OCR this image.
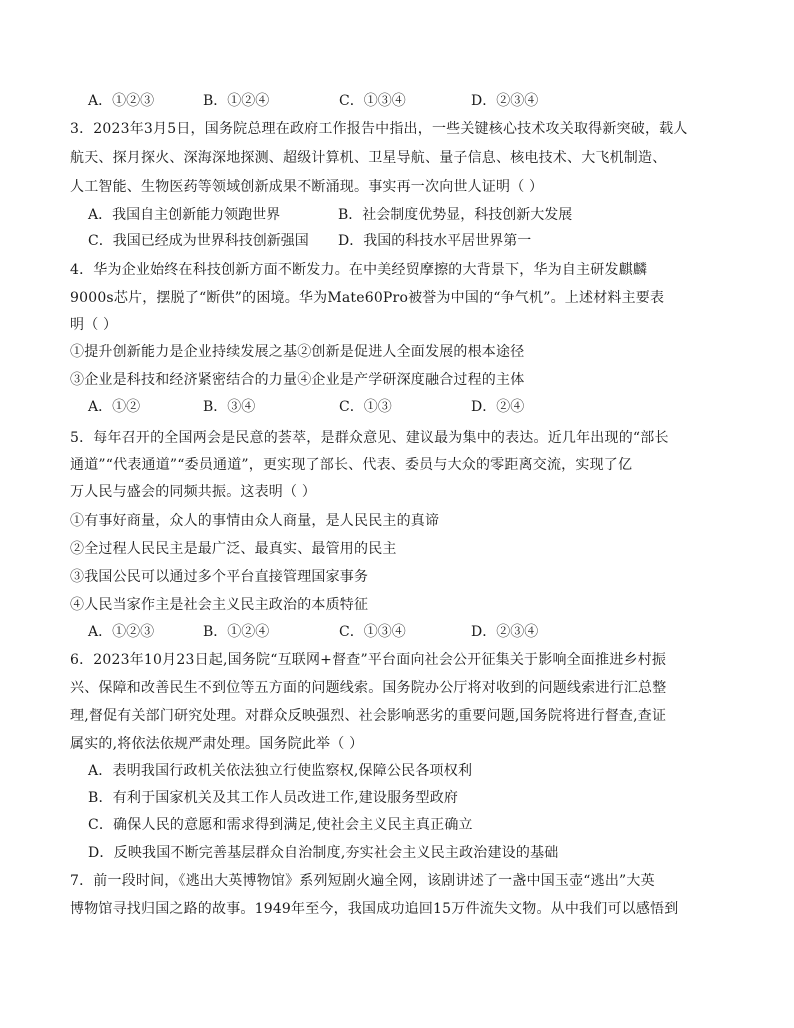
A．①②③	B．①②④	C．①③④	D．②③④
3．2023年3月5日，国务院总理在政府工作报告中指出，一些关键核心技术攻关取得新突破，载人
航天、探月探火、深海深地探测、超级计算机、卫星导航、量子信息、核电技术、大飞机制造、
人工智能、生物医药等领域创新成果不断涌现。事实再一次向世人证明（ ）
A．我国自主创新能力领跑世界	B．社会制度优势显，科技创新大发展
C．我国已经成为世界科技创新强国 D．我国的科技水平居世界第一
4．华为企业始终在科技创新方面不断发力。在中美经贸摩擦的大背景下，华为自主研发麒麟
9000s芯片，摆脱了“断供”的困境。华为Mate60Pro被誉为中国的“争气机”。上述材料主要表
明（ ）
①提升创新能力是企业持续发展之基②创新是促进人全面发展的根本途径
③企业是科技和经济紧密结合的力量④企业是产学研深度融合过程的主体
A．①②	B．③④	C．①③	D．②④
5．每年召开的全国两会是民意的荟萃，是群众意见、建议最为集中的表达。近几年出现的“部长
通道”“代表通道”“委员通道”，更实现了部长、代表、委员与大众的零距离交流，实现了亿
万人民与盛会的同频共振。这表明（ ）
①有事好商量，众人的事情由众人商量，是人民民主的真谛
②全过程人民民主是最广泛、最真实、最管用的民主
③我国公民可以通过多个平台直接管理国家事务
④人民当家作主是社会主义民主政治的本质特征
A．①②③	B．①②④	C．①③④	D．②③④
6．2023年10月23日起,国务院“互联网+督查”平台面向社会公开征集关于影响全面推进乡村振
兴、保障和改善民生不到位等五方面的问题线索。国务院办公厅将对收到的问题线索进行汇总整
理,督促有关部门研究处理。对群众反映强烈、社会影响恶劣的重要问题,国务院将进行督查,查证
属实的,将依法依规严肃处理。国务院此举（ ）
A．表明我国行政机关依法独立行使监察权,保障公民各项权利
B．有利于国家机关及其工作人员改进工作,建设服务型政府
C．确保人民的意愿和需求得到满足,使社会主义民主真正确立
D．反映我国不断完善基层群众自治制度,夯实社会主义民主政治建设的基础
7．前一段时间，《逃出大英博物馆》系列短剧火遍全网，该剧讲述了一盏中国玉壶“逃出”大英
博物馆寻找归国之路的故事。1949年至今，我国成功追回15万件流失文物。从中我们可以感悟到
